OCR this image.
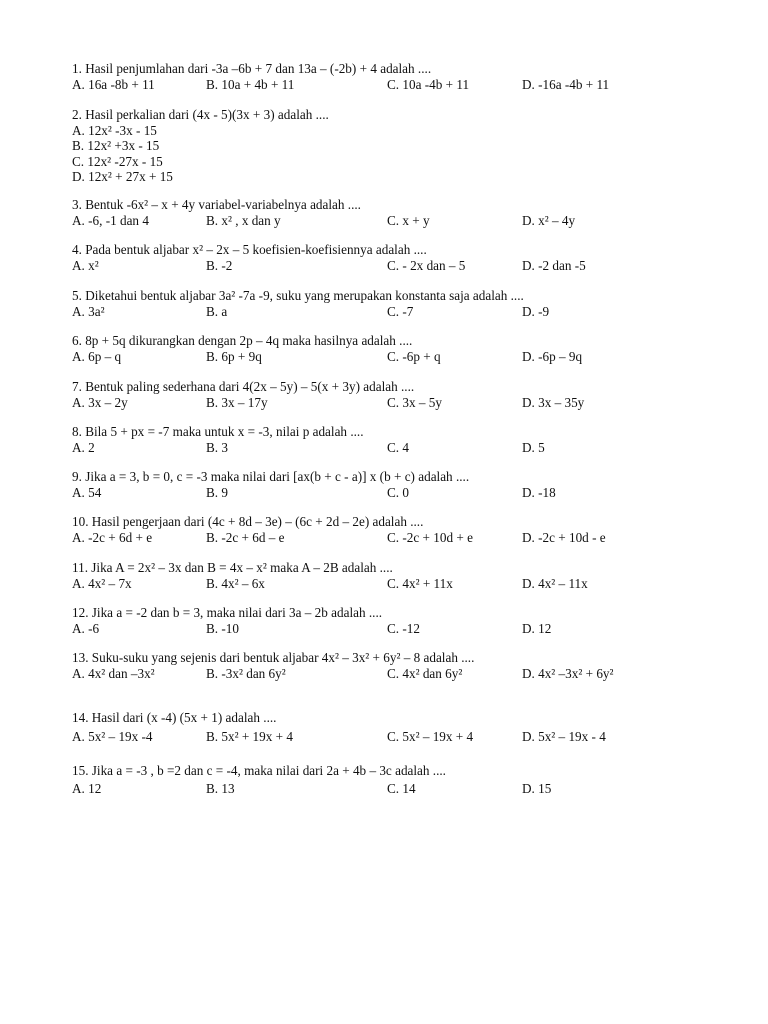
1. Hasil penjumlahan dari -3a –6b + 7 dan 13a – (-2b) + 4 adalah ....
A. 16a -8b + 11	B. 10a + 4b + 11	C. 10a -4b + 11	D. -16a -4b + 11
2. Hasil perkalian dari (4x - 5)(3x + 3) adalah ....
A. 12x² -3x - 15
B. 12x² +3x - 15
C. 12x² -27x - 15
D. 12x² + 27x + 15
3. Bentuk -6x² – x + 4y variabel-variabelnya adalah ....
A. -6, -1 dan 4	B. x² , x dan y	C. x + y	D. x² – 4y
4. Pada bentuk aljabar x² – 2x – 5 koefisien-koefisiennya adalah ....
A. x²	B. -2	C. - 2x dan – 5	D. -2 dan -5
5. Diketahui bentuk aljabar 3a² -7a -9, suku yang merupakan konstanta saja adalah ....
A. 3a²	B. a	C. -7	D. -9
6. 8p + 5q dikurangkan dengan 2p – 4q maka hasilnya adalah ....
A. 6p – q	B. 6p + 9q	C. -6p + q	D. -6p – 9q
7. Bentuk paling sederhana dari 4(2x – 5y) – 5(x + 3y) adalah ....
A. 3x – 2y	B. 3x – 17y	C. 3x – 5y	D. 3x – 35y
8. Bila 5 + px = -7 maka untuk x = -3, nilai p adalah ....
A. 2	B. 3	C. 4	D. 5
9. Jika a = 3, b = 0, c = -3 maka nilai dari [ax(b + c - a)] x (b + c) adalah ....
A. 54	B. 9	C. 0	D. -18
10. Hasil pengerjaan dari (4c + 8d – 3e) – (6c + 2d – 2e) adalah ....
A. -2c + 6d + e	B. -2c + 6d – e	C. -2c + 10d + e	D. -2c + 10d - e
11. Jika A = 2x² – 3x dan B = 4x – x² maka A – 2B adalah ....
A. 4x² – 7x	B. 4x² – 6x	C. 4x² + 11x	D. 4x² – 11x
12. Jika a = -2 dan b = 3, maka nilai dari 3a – 2b adalah ....
A. -6	B. -10	C. -12	D. 12
13. Suku-suku yang sejenis dari bentuk aljabar 4x² – 3x² + 6y² – 8 adalah ....
A. 4x² dan –3x²	B. -3x² dan 6y²	C. 4x² dan 6y²	D. 4x² –3x² + 6y²
14. Hasil dari (x -4) (5x + 1) adalah ....
A. 5x² – 19x -4	B. 5x² + 19x + 4	C. 5x² – 19x + 4	D. 5x² – 19x - 4
15. Jika a = -3 , b =2 dan c = -4, maka nilai dari 2a + 4b – 3c adalah ....
A. 12	B. 13	C. 14	D. 15
